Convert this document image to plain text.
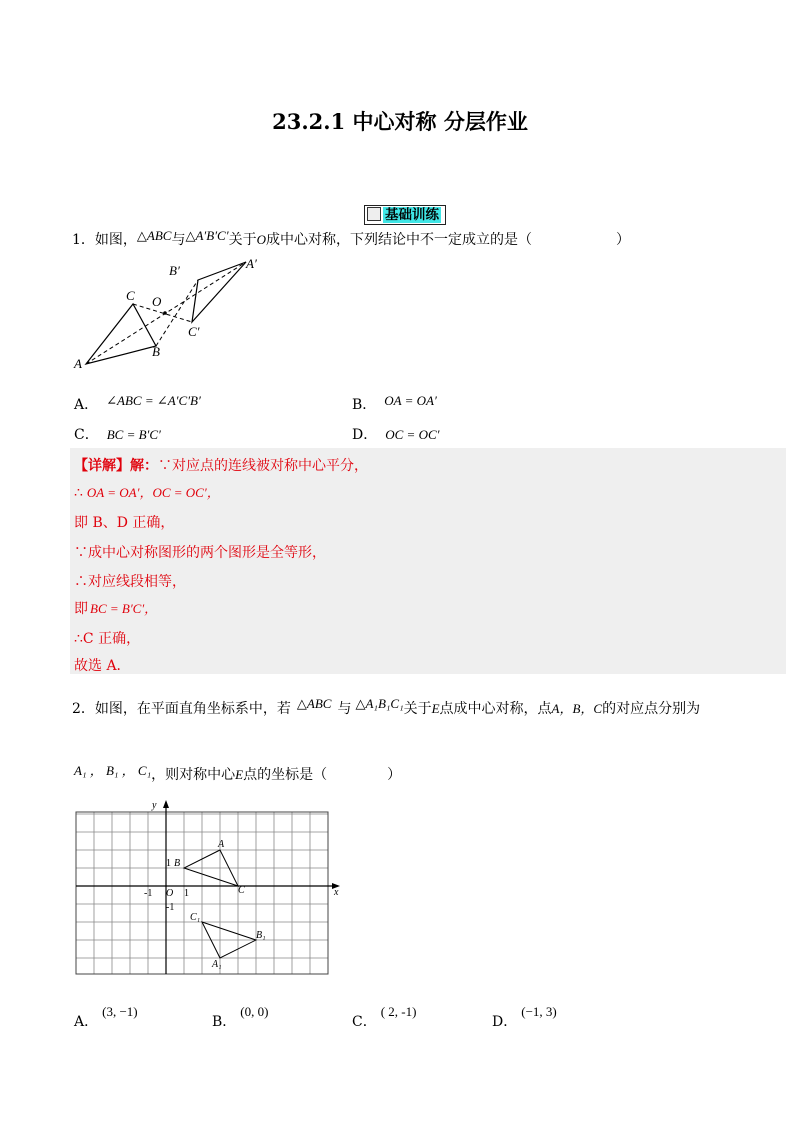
23.2.1 中心对称 分层作业
基础训练
1．如图，△ABC与△A′B′C′关于O成中心对称，下列结论中不一定成立的是（	）
A
B
C O
A′
B′
C′
A． ∠ABC = ∠A′C′B′	B． OA = OA′
C． BC = B′C′	D． OC = OC′
【详解】解：∵对应点的连线被对称中心平分，
∴ OA = OA′，OC = OC′，
即 B、D 正确，
∵成中心对称图形的两个图形是全等形，
∴对应线段相等，
即 BC = B′C′，
∴C 正确，
故选 A．
2．如图，在平面直角坐标系中，若 △ABC 与 △A₁B₁C₁关于E点成中心对称，点A，B，C的对应点分别为
A₁ ， B₁ ， C₁，则对称中心E点的坐标是（	）
x
y
O
A
B
C
A₁
B₁
C₁
1
-1	1
-1
A．(3, −1)
B．(0, 0)
C．( 2, -1)
D．(−1, 3)
